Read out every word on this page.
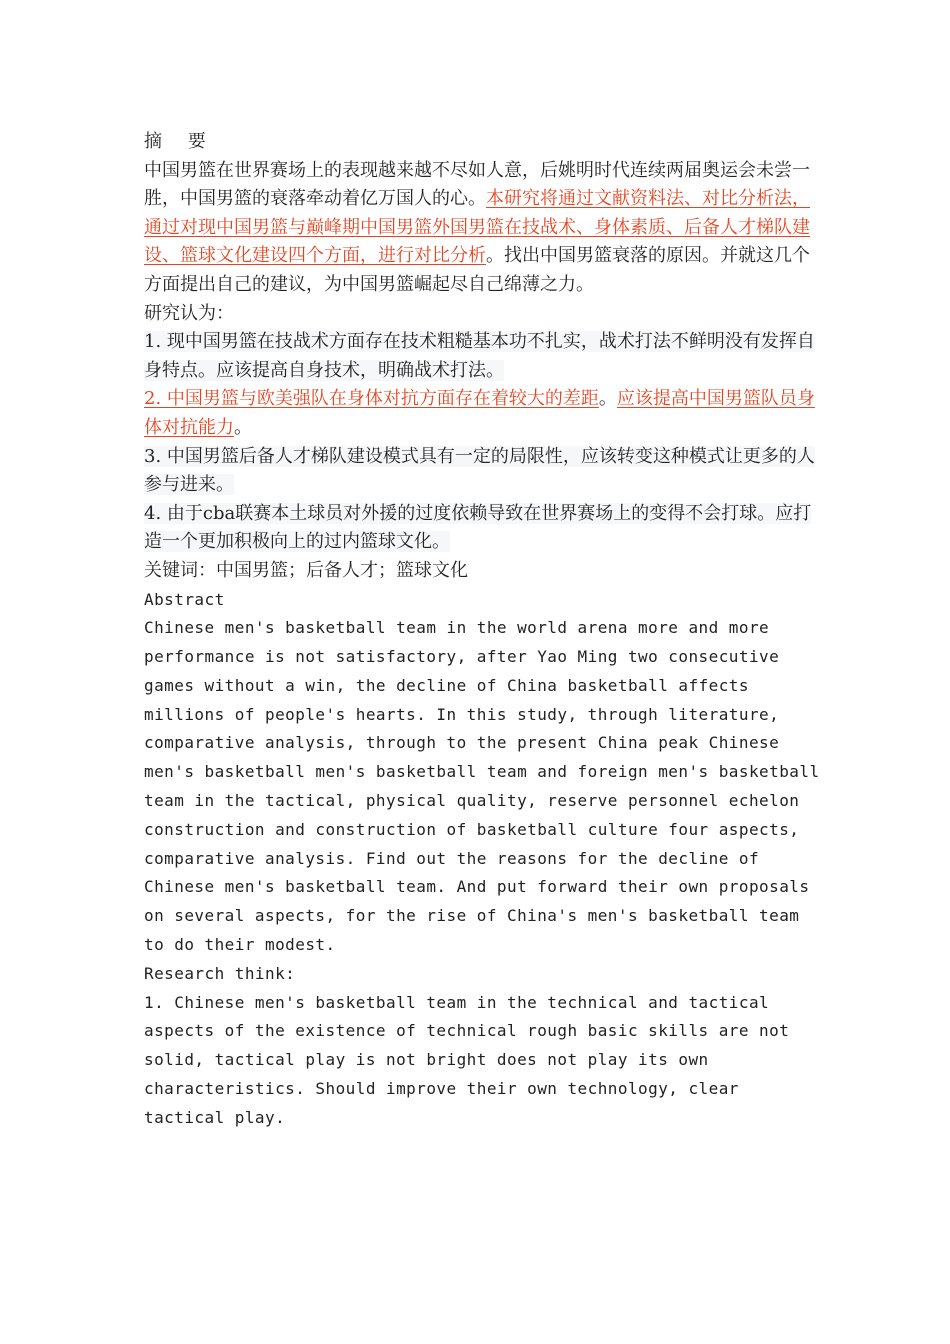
摘 要

中国男篮在世界赛场上的表现越来越不尽如人意，后姚明时代连续两届奥运会未尝一胜，中国男篮的衰落牵动着亿万国人的心。本研究将通过文献资料法、对比分析法，通过对现中国男篮与巅峰期中国男篮外国男篮在技战术、身体素质、后备人才梯队建设、篮球文化建设四个方面，进行对比分析。找出中国男篮衰落的原因。并就这几个方面提出自己的建议，为中国男篮崛起尽自己绵薄之力。

研究认为：

1. 现中国男篮在技战术方面存在技术粗糙基本功不扎实，战术打法不鲜明没有发挥自身特点。应该提高自身技术，明确战术打法。

2. 中国男篮与欧美强队在身体对抗方面存在着较大的差距。应该提高中国男篮队员身体对抗能力。

3. 中国男篮后备人才梯队建设模式具有一定的局限性，应该转变这种模式让更多的人参与进来。

4. 由于cba联赛本土球员对外援的过度依赖导致在世界赛场上的变得不会打球。应打造一个更加积极向上的过内篮球文化。

关键词：中国男篮；后备人才；篮球文化

Abstract

Chinese men's basketball team in the world arena more and more performance is not satisfactory, after Yao Ming two consecutive games without a win, the decline of China basketball affects millions of people's hearts. In this study, through literature, comparative analysis, through to the present China peak Chinese men's basketball men's basketball team and foreign men's basketball team in the tactical, physical quality, reserve personnel echelon construction and construction of basketball culture four aspects, comparative analysis. Find out the reasons for the decline of Chinese men's basketball team. And put forward their own proposals on several aspects, for the rise of China's men's basketball team to do their modest.

Research think:

1. Chinese men's basketball team in the technical and tactical aspects of the existence of technical rough basic skills are not solid, tactical play is not bright does not play its own characteristics. Should improve their own technology, clear tactical play.
